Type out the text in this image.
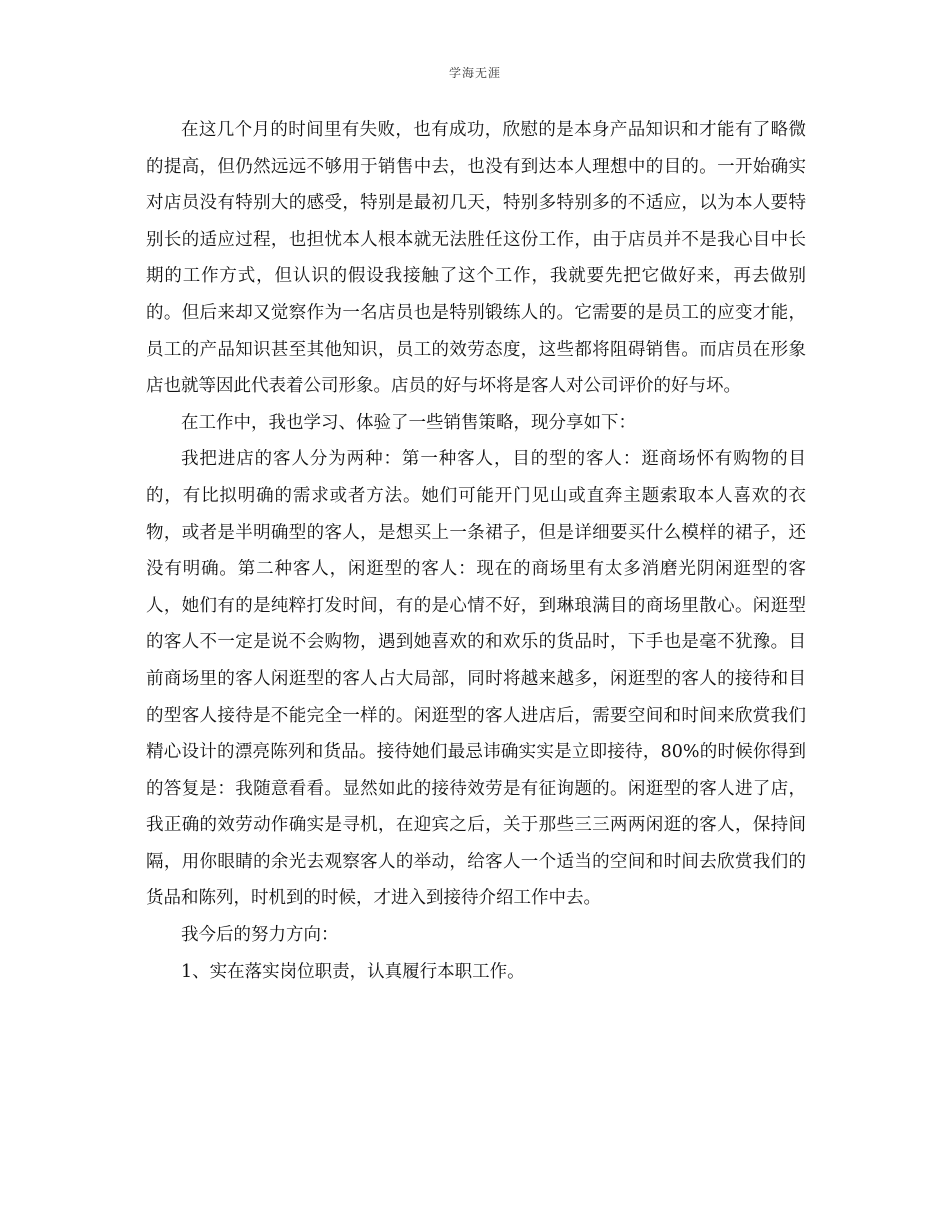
学海无涯

在这几个月的时间里有失败，也有成功，欣慰的是本身产品知识和才能有了略微的提高，但仍然远远不够用于销售中去，也没有到达本人理想中的目的。一开始确实对店员没有特别大的感受，特别是最初几天，特别多特别多的不适应，以为本人要特别长的适应过程，也担忧本人根本就无法胜任这份工作，由于店员并不是我心目中长期的工作方式，但认识的假设我接触了这个工作，我就要先把它做好来，再去做别的。但后来却又觉察作为一名店员也是特别锻练人的。它需要的是员工的应变才能，员工的产品知识甚至其他知识，员工的效劳态度，这些都将阻碍销售。而店员在形象店也就等因此代表着公司形象。店员的好与坏将是客人对公司评价的好与坏。

在工作中，我也学习、体验了一些销售策略，现分享如下：

我把进店的客人分为两种：第一种客人，目的型的客人：逛商场怀有购物的目的，有比拟明确的需求或者方法。她们可能开门见山或直奔主题索取本人喜欢的衣物，或者是半明确型的客人，是想买上一条裙子，但是详细要买什么模样的裙子，还没有明确。第二种客人，闲逛型的客人：现在的商场里有太多消磨光阴闲逛型的客人，她们有的是纯粹打发时间，有的是心情不好，到琳琅满目的商场里散心。闲逛型的客人不一定是说不会购物，遇到她喜欢的和欢乐的货品时，下手也是毫不犹豫。目前商场里的客人闲逛型的客人占大局部，同时将越来越多，闲逛型的客人的接待和目的型客人接待是不能完全一样的。闲逛型的客人进店后，需要空间和时间来欣赏我们精心设计的漂亮陈列和货品。接待她们最忌讳确实实是立即接待，80%的时候你得到的答复是：我随意看看。显然如此的接待效劳是有征询题的。闲逛型的客人进了店，我正确的效劳动作确实是寻机，在迎宾之后，关于那些三三两两闲逛的客人，保持间隔，用你眼睛的余光去观察客人的举动，给客人一个适当的空间和时间去欣赏我们的货品和陈列，时机到的时候，才进入到接待介绍工作中去。

我今后的努力方向：

1、实在落实岗位职责，认真履行本职工作。
